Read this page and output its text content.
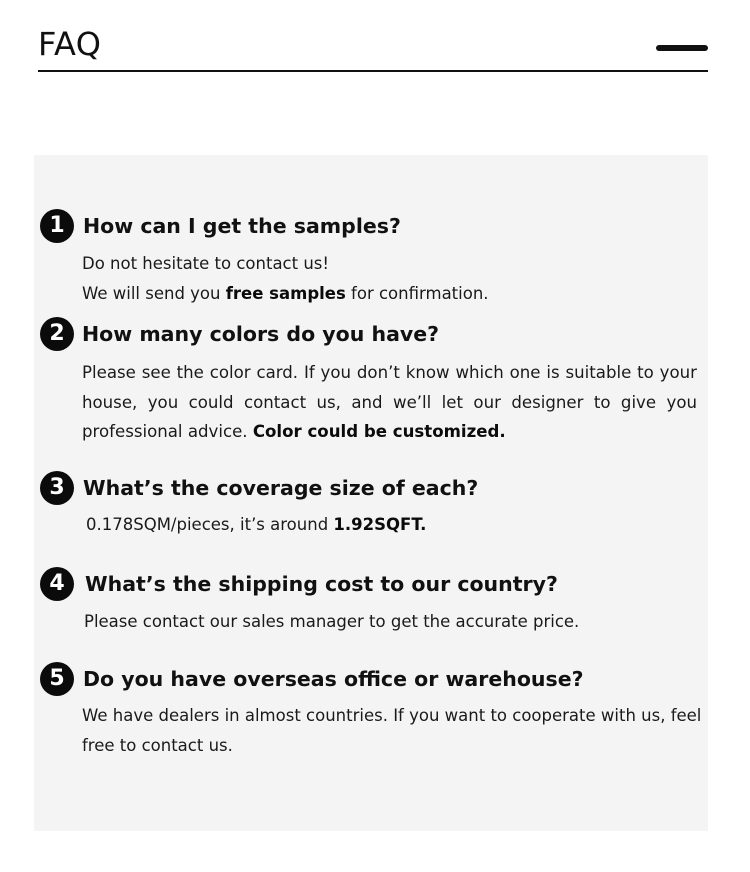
FAQ
1 How can I get the samples?

Do not hesitate to contact us!
We will send you free samples for confirmation.

2 How many colors do you have?

Please see the color card. If you don’t know which one is suitable to your house, you could contact us, and we’ll let our designer to give you professional advice. Color could be customized.

3 What’s the coverage size of each?

0.178SQM/pieces, it’s around 1.92SQFT.

4 What’s the shipping cost to our country?

Please contact our sales manager to get the accurate price.

5 Do you have overseas office or warehouse?

We have dealers in almost countries. If you want to cooperate with us, feel free to contact us.
